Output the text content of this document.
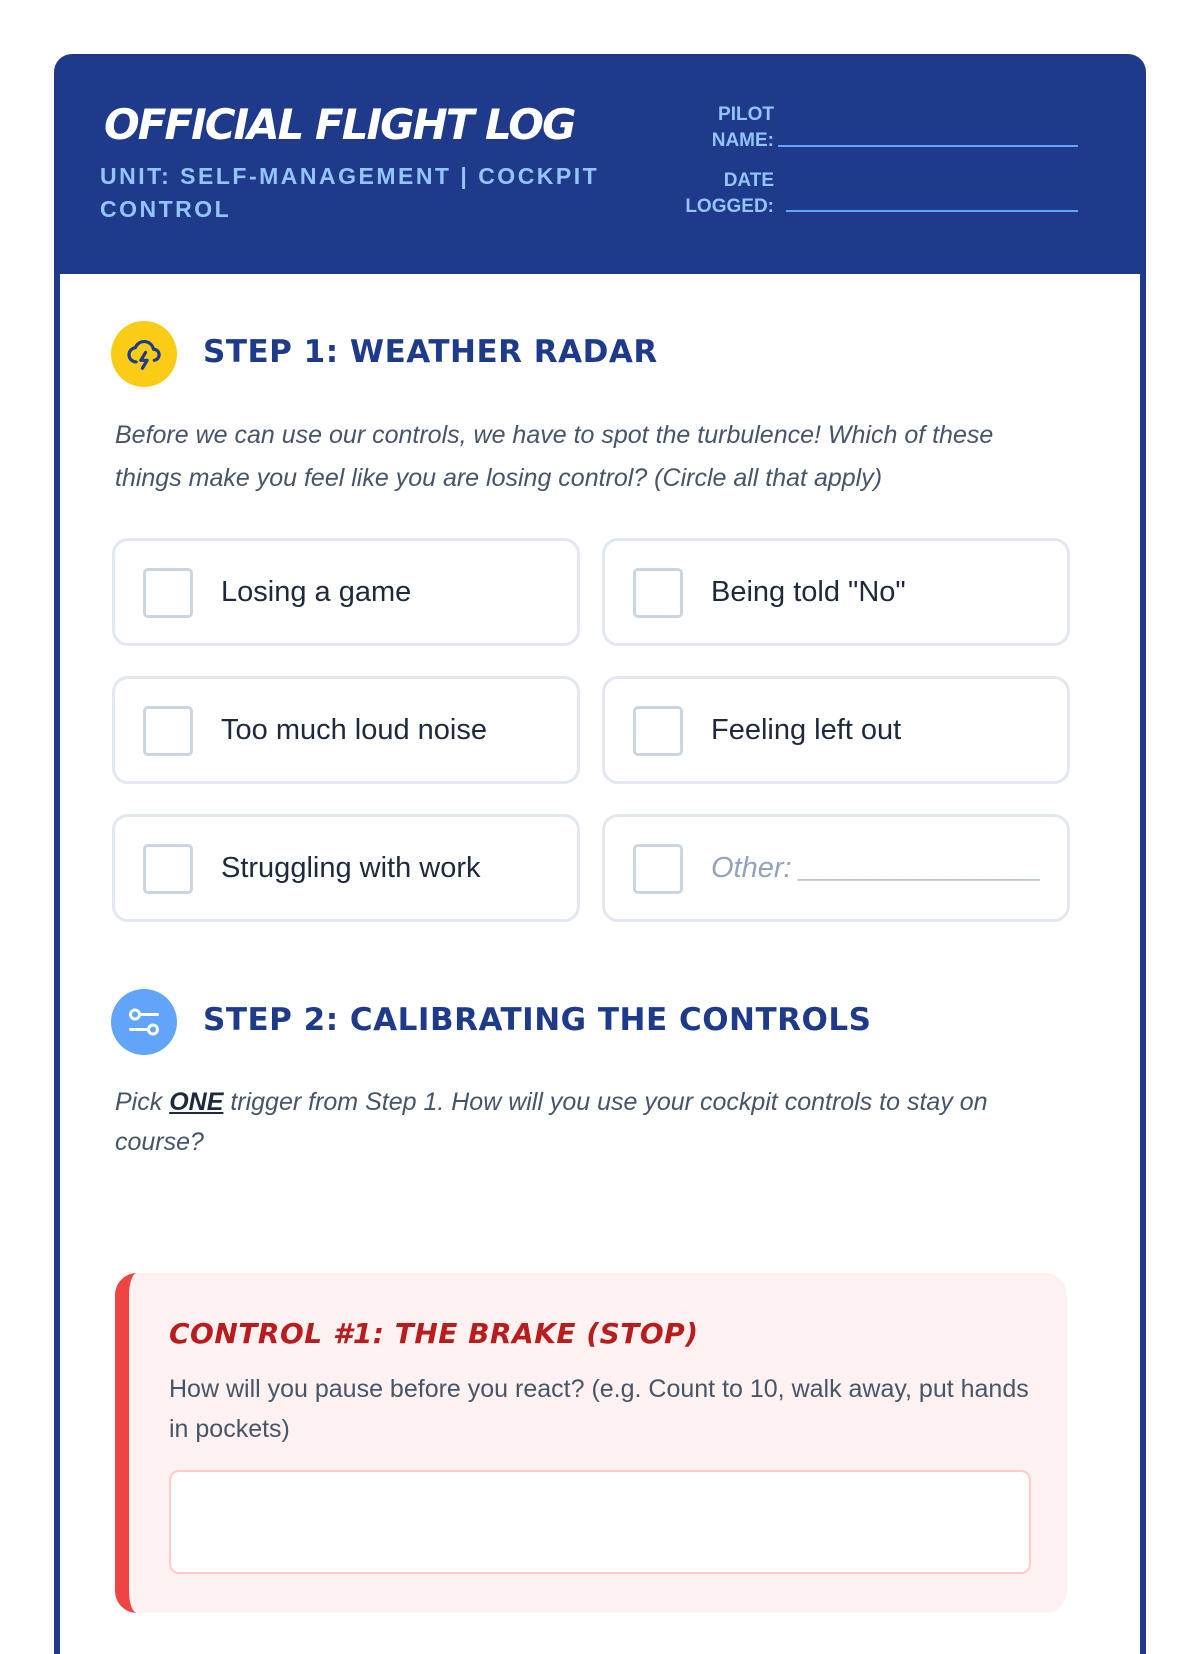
OFFICIAL FLIGHT LOG
UNIT: SELF-MANAGEMENT | COCKPIT CONTROL
PILOT
NAME:
DATE
LOGGED:
STEP 1: WEATHER RADAR
Before we can use our controls, we have to spot the turbulence! Which of these things make you feel like you are losing control? (Circle all that apply)
Losing a game	Being told "No"
Too much loud noise	Feeling left out
Struggling with work	Other: _______________
STEP 2: CALIBRATING THE CONTROLS
Pick ONE trigger from Step 1. How will you use your cockpit controls to stay on course?
CONTROL #1: THE BRAKE (STOP)
How will you pause before you react? (e.g. Count to 10, walk away, put hands in pockets)
